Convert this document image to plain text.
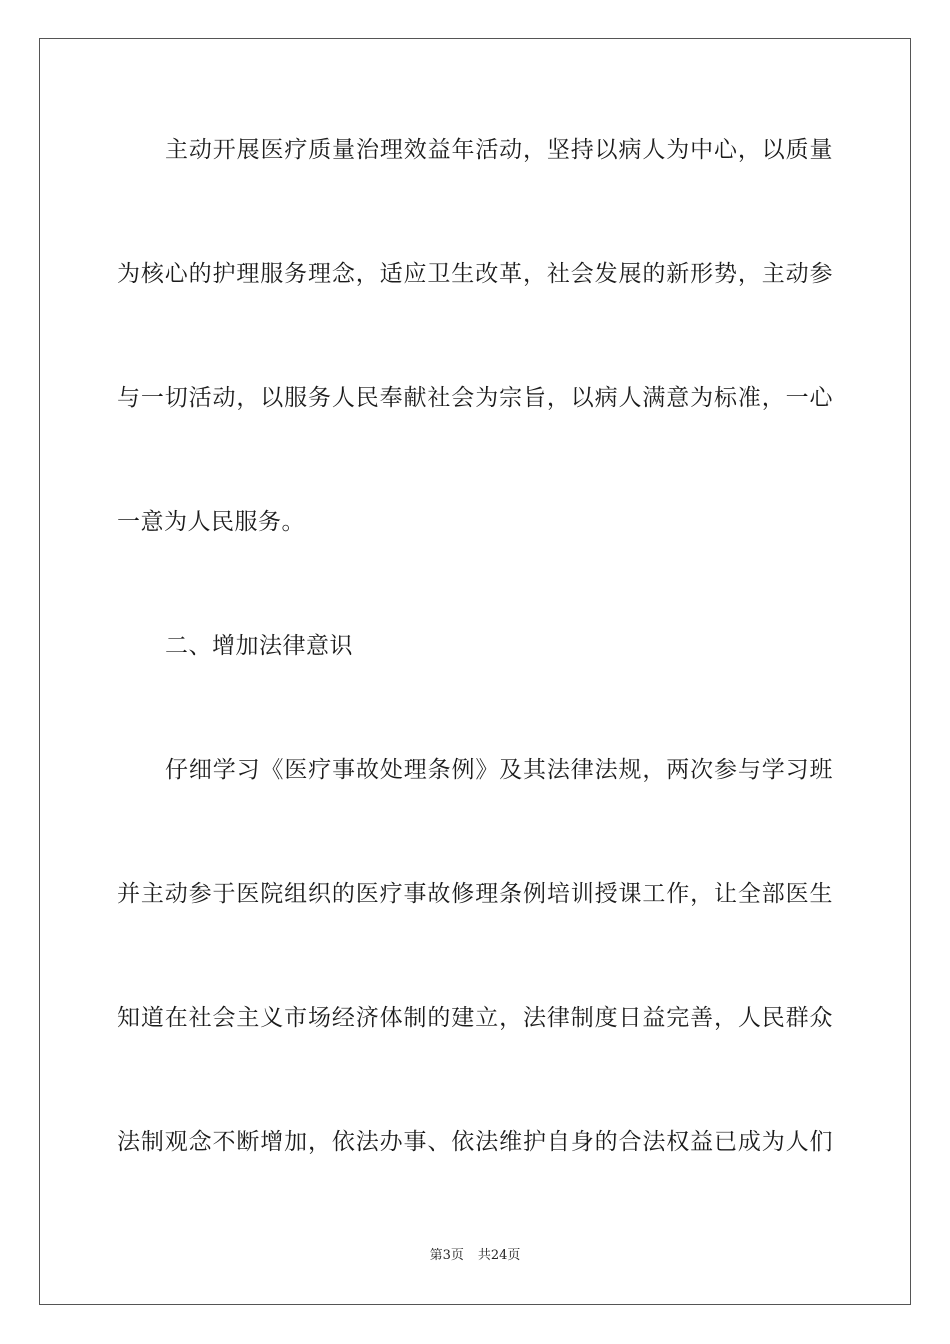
主动开展医疗质量治理效益年活动，坚持以病人为中心，以质量
为核心的护理服务理念，适应卫生改革，社会发展的新形势，主动参
与一切活动，以服务人民奉献社会为宗旨，以病人满意为标准，一心
一意为人民服务。
二、增加法律意识
仔细学习《医疗事故处理条例》及其法律法规，两次参与学习班
并主动参于医院组织的医疗事故修理条例培训授课工作，让全部医生
知道在社会主义市场经济体制的建立，法律制度日益完善，人民群众
法制观念不断增加，依法办事、依法维护自身的合法权益已成为人们
第3页 共24页
